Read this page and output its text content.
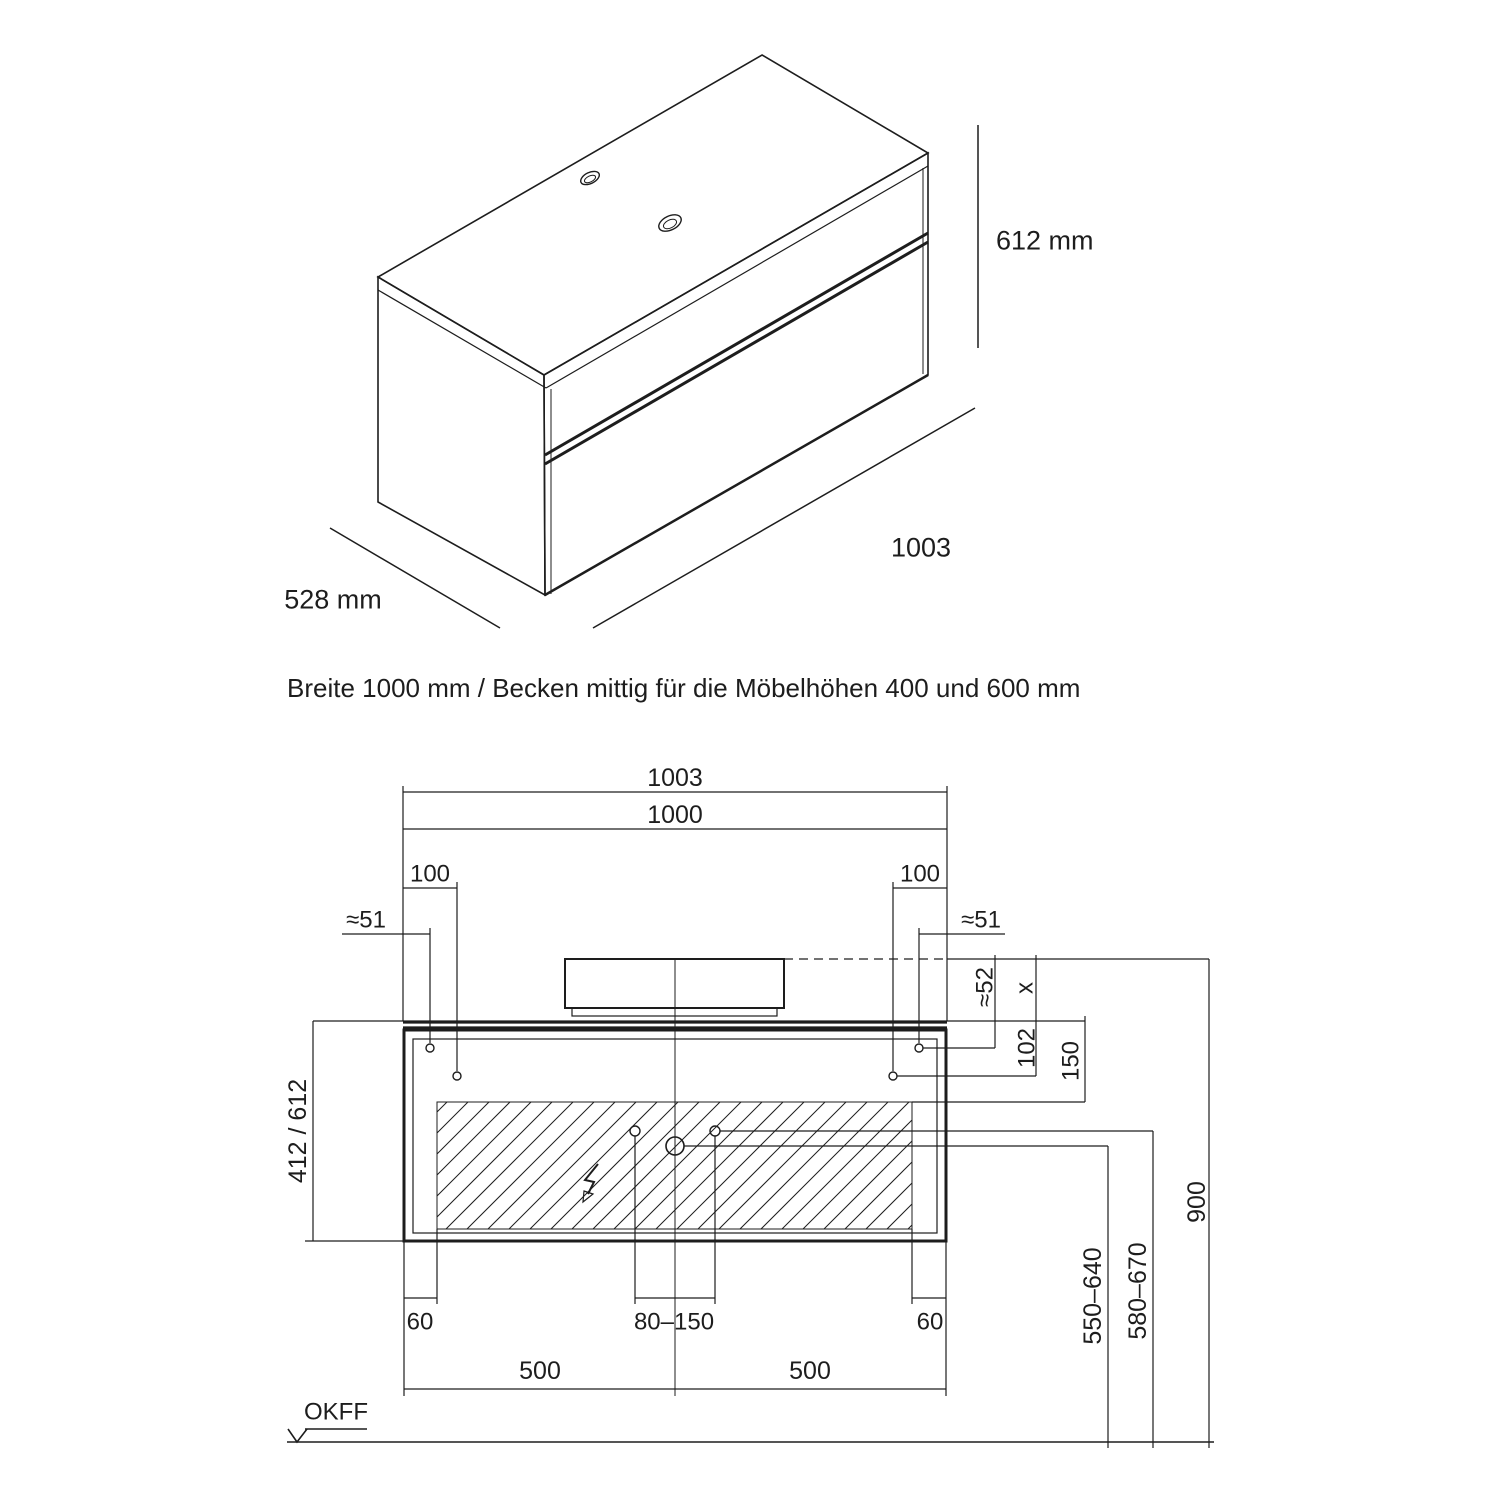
612 mm
528 mm
1003
Breite 1000 mm / Becken mittig für die Möbelhöhen 400 und 600 mm
1003
1000
100	100
≈51	≈51
≈52 x
102 150
412 / 612
60	80–150	60
500	500
550–640 580–670
900
OKFF
